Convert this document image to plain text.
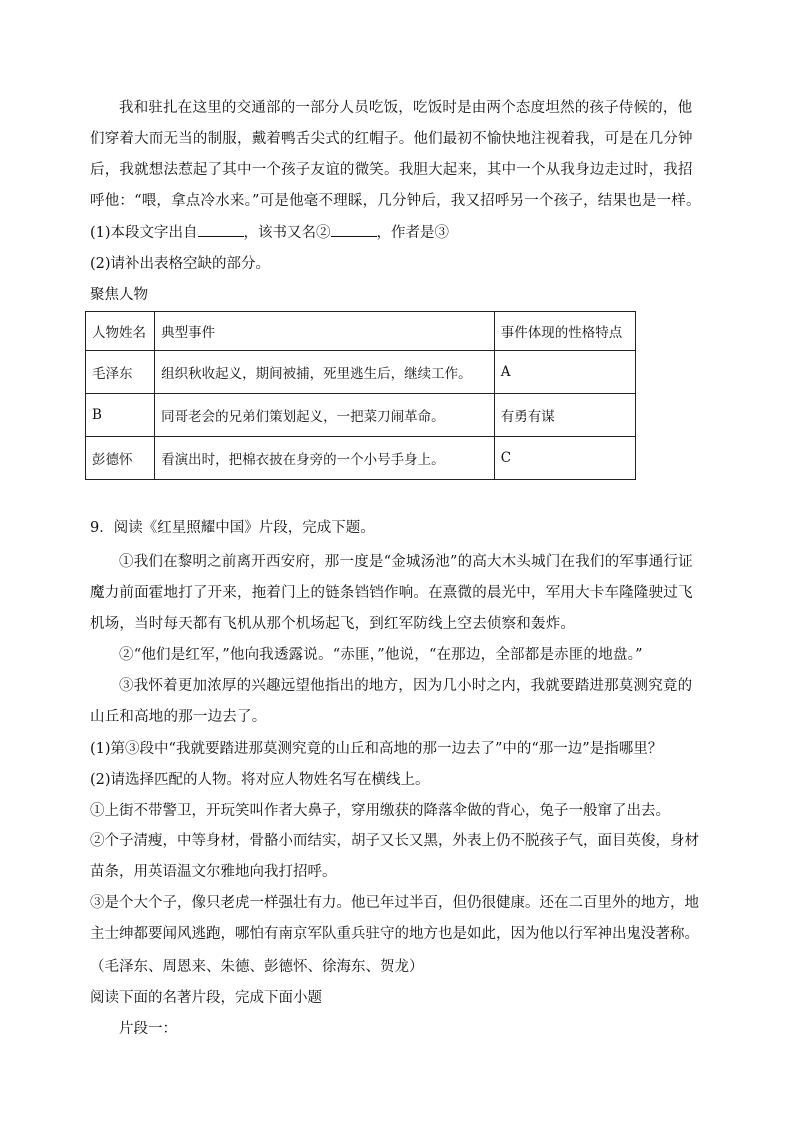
我和驻扎在这里的交通部的一部分人员吃饭，吃饭时是由两个态度坦然的孩子侍候的，他们穿着大而无当的制服，戴着鸭舌尖式的红帽子。他们最初不愉快地注视着我，可是在几分钟后，我就想法惹起了其中一个孩子友谊的微笑。我胆大起来，其中一个从我身边走过时，我招呼他：“喂，拿点冷水来。”可是他毫不理睬，几分钟后，我又招呼另一个孩子，结果也是一样。
(1)本段文字出自	，该书又名②	，作者是③
(2)请补出表格空缺的部分。
聚焦人物
人物姓名	典型事件	事件体现的性格特点
毛泽东	组织秋收起义，期间被捕，死里逃生后，继续工作。	A
B	同哥老会的兄弟们策划起义，一把菜刀闹革命。	有勇有谋
彭德怀	看演出时，把棉衣披在身旁的一个小号手身上。	C
9．阅读《红星照耀中国》片段，完成下题。
①我们在黎明之前离开西安府，那一度是“金城汤池”的高大木头城门在我们的军事通行证魔力前面霍地打了开来，拖着门上的链条铛铛作响。在熹微的晨光中，军用大卡车隆隆驶过飞机场，当时每天都有飞机从那个机场起飞，到红军防线上空去侦察和轰炸。
②“他们是红军，”他向我透露说。“赤匪，”他说，“在那边，全部都是赤匪的地盘。”
③我怀着更加浓厚的兴趣远望他指出的地方，因为几小时之内，我就要踏进那莫测究竟的山丘和高地的那一边去了。
(1)第③段中“我就要踏进那莫测究竟的山丘和高地的那一边去了”中的“那一边”是指哪里？
(2)请选择匹配的人物。将对应人物姓名写在横线上。
①上街不带警卫，开玩笑叫作者大鼻子，穿用缴获的降落伞做的背心，兔子一般窜了出去。
②个子清瘦，中等身材，骨骼小而结实，胡子又长又黑，外表上仍不脱孩子气，面目英俊，身材苗条，用英语温文尔雅地向我打招呼。
③是个大个子，像只老虎一样强壮有力。他已年过半百，但仍很健康。还在二百里外的地方，地主士绅都要闻风逃跑，哪怕有南京军队重兵驻守的地方也是如此，因为他以行军神出鬼没著称。
（毛泽东、周恩来、朱德、彭德怀、徐海东、贺龙）
阅读下面的名著片段，完成下面小题
片段一：
